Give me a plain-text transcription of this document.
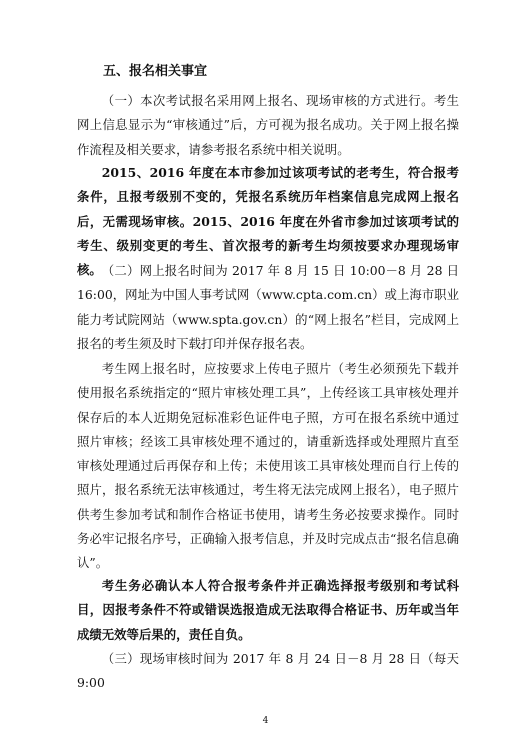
五、报名相关事宜

（一）本次考试报名采用网上报名、现场审核的方式进行。考生网上信息显示为“审核通过”后，方可视为报名成功。关于网上报名操作流程及相关要求，请参考报名系统中相关说明。

2015、2016 年度在本市参加过该项考试的老考生，符合报考条件，且报考级别不变的，凭报名系统历年档案信息完成网上报名后，无需现场审核。2015、2016 年度在外省市参加过该项考试的考生、级别变更的考生、首次报考的新考生均须按要求办理现场审核。 （二）网上报名时间为 2017 年 8 月 15 日 10:00－8 月 28 日 16:00，网址为中国人事考试网（www.cpta.com.cn）或上海市职业能力考试院网站（www.spta.gov.cn）的“网上报名”栏目，完成网上报名的考生须及时下载打印并保存报名表。

考生网上报名时，应按要求上传电子照片（考生必须预先下载并使用报名系统指定的“照片审核处理工具”，上传经该工具审核处理并保存后的本人近期免冠标准彩色证件电子照，方可在报名系统中通过照片审核；经该工具审核处理不通过的，请重新选择或处理照片直至审核处理通过后再保存和上传；未使用该工具审核处理而自行上传的照片，报名系统无法审核通过，考生将无法完成网上报名），电子照片供考生参加考试和制作合格证书使用，请考生务必按要求操作。同时务必牢记报名序号，正确输入报考信息，并及时完成点击“报名信息确认”。

考生务必确认本人符合报考条件并正确选择报考级别和考试科目，因报考条件不符或错误选报造成无法取得合格证书、历年或当年成绩无效等后果的，责任自负。

（三）现场审核时间为 2017 年 8 月 24 日－8 月 28 日（每天 9:00

4
